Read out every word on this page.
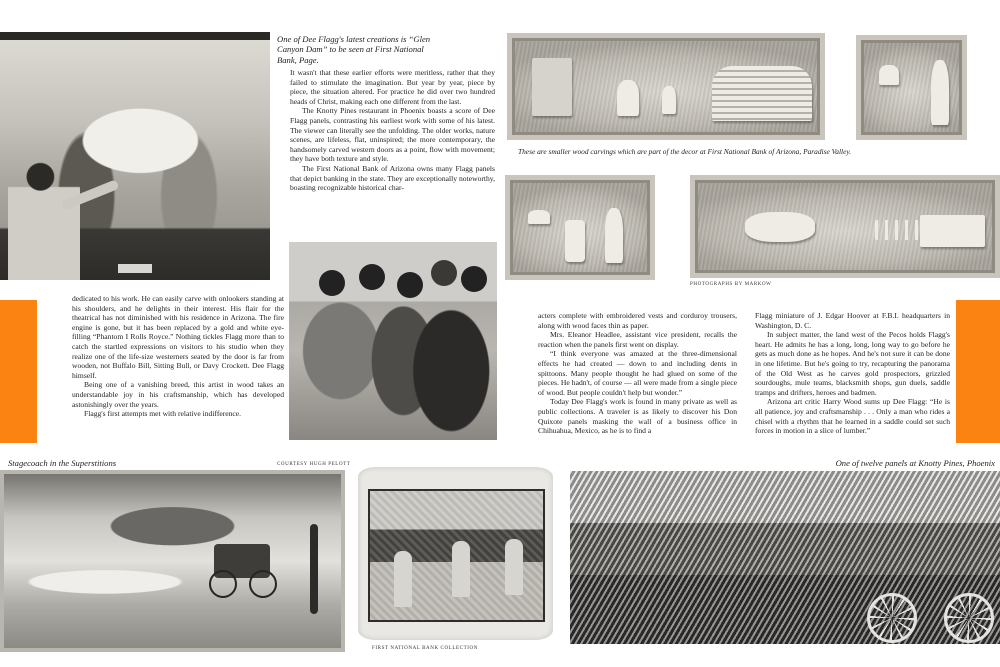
One of Dee Flagg's latest creations is “Glen Canyon Dam” to be seen at First National Bank, Page.

It wasn't that these earlier efforts were meritless, rather that they failed to stimulate the imagination. But year by year, piece by piece, the situation altered. For practice he did over two hundred heads of Christ, making each one different from the last.

The Knotty Pines restaurant in Phoenix boasts a score of Dee Flagg panels, contrasting his earliest work with some of his latest. The viewer can literally see the unfolding. The older works, nature scenes, are lifeless, flat, uninspired; the more contemporary, the handsomely carved western doors as a point, flow with movement; they have both texture and style.

The First National Bank of Arizona owns many Flagg panels that depict banking in the state. They are exceptionally noteworthy, boasting recognizable historical char-

These are smaller wood carvings which are part of the decor at First National Bank of Arizona, Paradise Valley.
PHOTOGRAPHS BY MARKOW

dedicated to his work. He can easily carve with onlookers standing at his shoulders, and he delights in their interest. His flair for the theatrical has not diminished with his residence in Arizona. The fire engine is gone, but it has been replaced by a gold and white eye-filling “Phantom I Rolls Royce.” Nothing tickles Flagg more than to catch the startled expressions on visitors to his studio when they realize one of the life-size westerners seated by the door is far from wooden, not Buffalo Bill, Sitting Bull, or Davy Crockett. Dee Flagg himself.

Being one of a vanishing breed, this artist in wood takes an understandable joy in his craftsmanship, which has developed astonishingly over the years.

Flagg's first attempts met with relative indifference.

acters complete with embroidered vests and corduroy trousers, along with wood faces thin as paper.

Mrs. Eleanor Headlee, assistant vice president, recalls the reaction when the panels first went on display.

“I think everyone was amazed at the three-dimensional effects he had created — down to and including dents in spittoons. Many people thought he had glued on some of the pieces. He hadn't, of course — all were made from a single piece of wood. But people couldn't help but wonder.”

Today Dee Flagg's work is found in many private as well as public collections. A traveler is as likely to discover his Don Quixote panels masking the wall of a business office in Chihuahua, Mexico, as he is to find a

Flagg miniature of J. Edgar Hoover at F.B.I. headquarters in Washington, D. C.

In subject matter, the land west of the Pecos holds Flagg's heart. He admits he has a long, long, long way to go before he gets as much done as he hopes. And he's not sure it can be done in one lifetime. But he's going to try, recapturing the panorama of the Old West as he carves gold prospectors, grizzled sourdoughs, mule teams, blacksmith shops, gun duels, saddle tramps and drifters, heroes and badmen.

Arizona art critic Harry Wood sums up Dee Flagg: “He is all patience, joy and craftsmanship . . . Only a man who rides a chisel with a rhythm that he learned in a saddle could set such forces in motion in a slice of lumber.”

Stagecoach in the Superstitions	COURTESY HUGH PELOTT	One of twelve panels at Knotty Pines, Phoenix
FIRST NATIONAL BANK COLLECTION
